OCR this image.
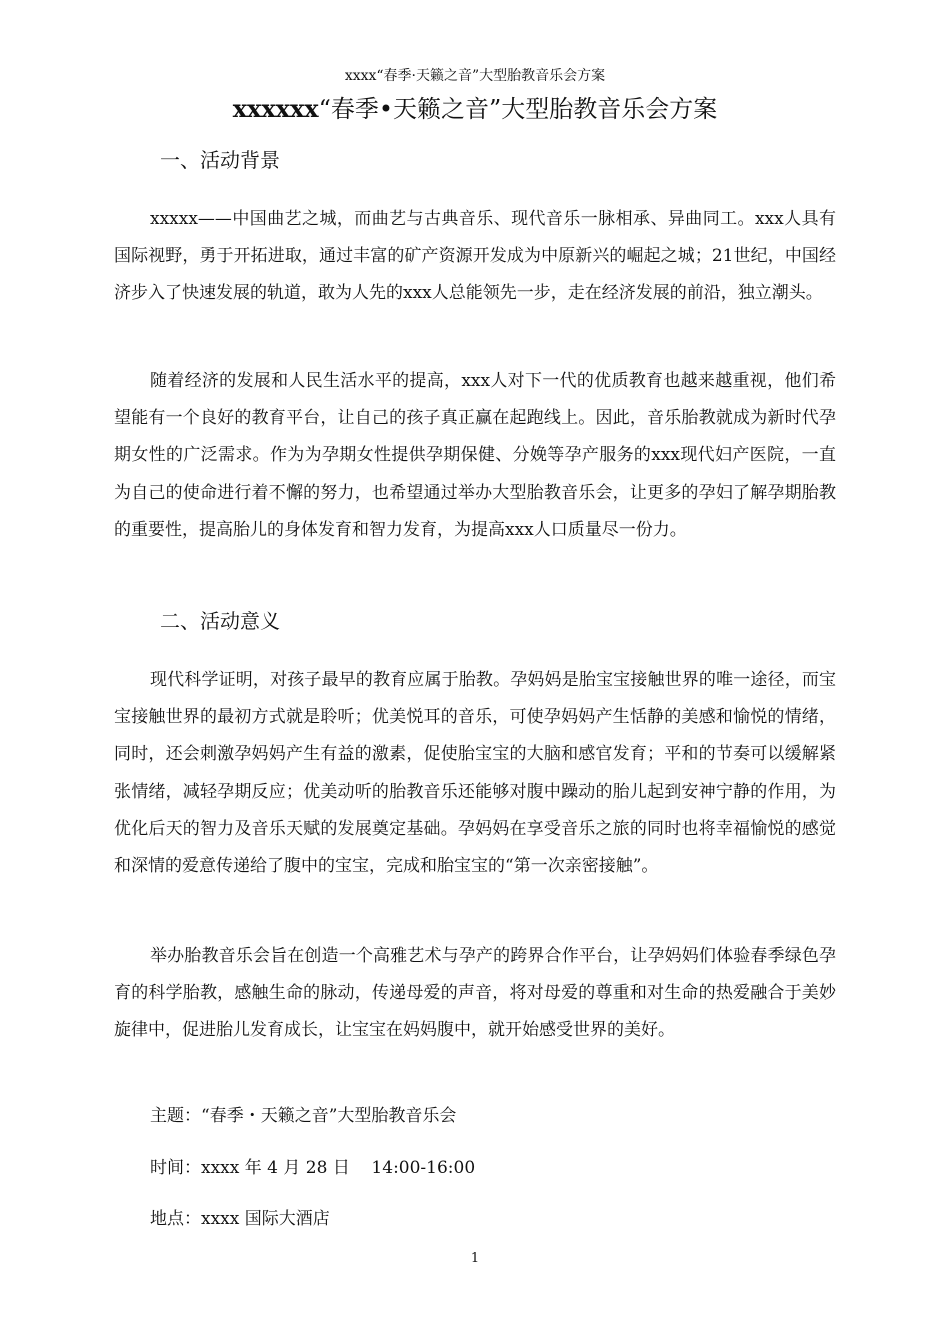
xxxx“春季·天籁之音”大型胎教音乐会方案
xxxxxx“春季•天籁之音”大型胎教音乐会方案
一、活动背景

xxxxx——中国曲艺之城，而曲艺与古典音乐、现代音乐一脉相承、异曲同工。xxx人具有国际视野，勇于开拓进取，通过丰富的矿产资源开发成为中原新兴的崛起之城；21世纪，中国经济步入了快速发展的轨道，敢为人先的xxx人总能领先一步，走在经济发展的前沿，独立潮头。

随着经济的发展和人民生活水平的提高，xxx人对下一代的优质教育也越来越重视，他们希望能有一个良好的教育平台，让自己的孩子真正赢在起跑线上。因此，音乐胎教就成为新时代孕期女性的广泛需求。作为为孕期女性提供孕期保健、分娩等孕产服务的xxx现代妇产医院，一直为自己的使命进行着不懈的努力，也希望通过举办大型胎教音乐会，让更多的孕妇了解孕期胎教的重要性，提高胎儿的身体发育和智力发育，为提高xxx人口质量尽一份力。

二、活动意义

现代科学证明，对孩子最早的教育应属于胎教。孕妈妈是胎宝宝接触世界的唯一途径，而宝宝接触世界的最初方式就是聆听；优美悦耳的音乐，可使孕妈妈产生恬静的美感和愉悦的情绪，同时，还会刺激孕妈妈产生有益的激素，促使胎宝宝的大脑和感官发育；平和的节奏可以缓解紧张情绪，减轻孕期反应；优美动听的胎教音乐还能够对腹中躁动的胎儿起到安神宁静的作用，为优化后天的智力及音乐天赋的发展奠定基础。孕妈妈在享受音乐之旅的同时也将幸福愉悦的感觉和深情的爱意传递给了腹中的宝宝，完成和胎宝宝的“第一次亲密接触”。

举办胎教音乐会旨在创造一个高雅艺术与孕产的跨界合作平台，让孕妈妈们体验春季绿色孕育的科学胎教，感触生命的脉动，传递母爱的声音，将对母爱的尊重和对生命的热爱融合于美妙旋律中，促进胎儿发育成长，让宝宝在妈妈腹中，就开始感受世界的美好。

主题：“春季・天籁之音”大型胎教音乐会
时间：xxxx 年 4 月 28 日    14:00-16:00
地点：xxxx 国际大酒店
1
